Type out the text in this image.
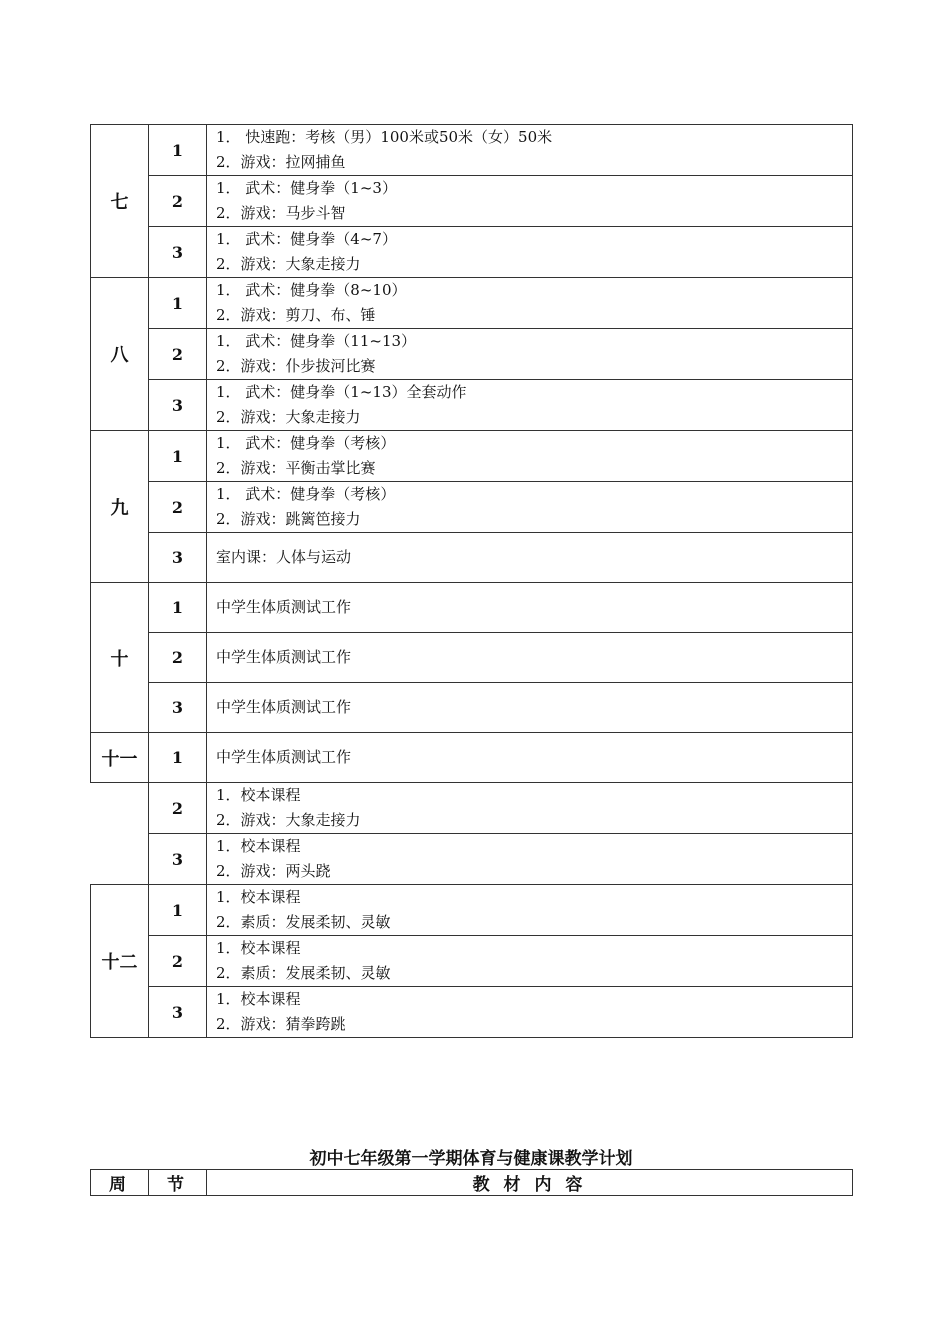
七	1	1． 快速跑：考核（男）100米或50米（女）50米
2．游戏：拉网捕鱼

	2	1． 武术：健身拳（1~3）
2．游戏：马步斗智

	3	1． 武术：健身拳（4~7）
2．游戏：大象走接力

八	1	1． 武术：健身拳（8~10）
2．游戏：剪刀、布、锤

	2	1． 武术：健身拳（11~13）
2．游戏：仆步拔河比赛

	3	1． 武术：健身拳（1~13）全套动作
2．游戏：大象走接力

九	1	1． 武术：健身拳（考核）
2．游戏：平衡击掌比赛

	2	1． 武术：健身拳（考核）
2．游戏：跳篱笆接力

	3	室内课：人体与运动

十	1	中学生体质测试工作

	2	中学生体质测试工作

	3	中学生体质测试工作

十一	1	中学生体质测试工作

	2	1．校本课程
2．游戏：大象走接力

	3	1．校本课程
2．游戏：两头跷

十二	1	1．校本课程
2．素质：发展柔韧、灵敏

	2	1．校本课程
2．素质：发展柔韧、灵敏

	3	1．校本课程
2．游戏：猜拳跨跳
初中七年级第一学期体育与健康课教学计划
周	节	教 材 内 容
